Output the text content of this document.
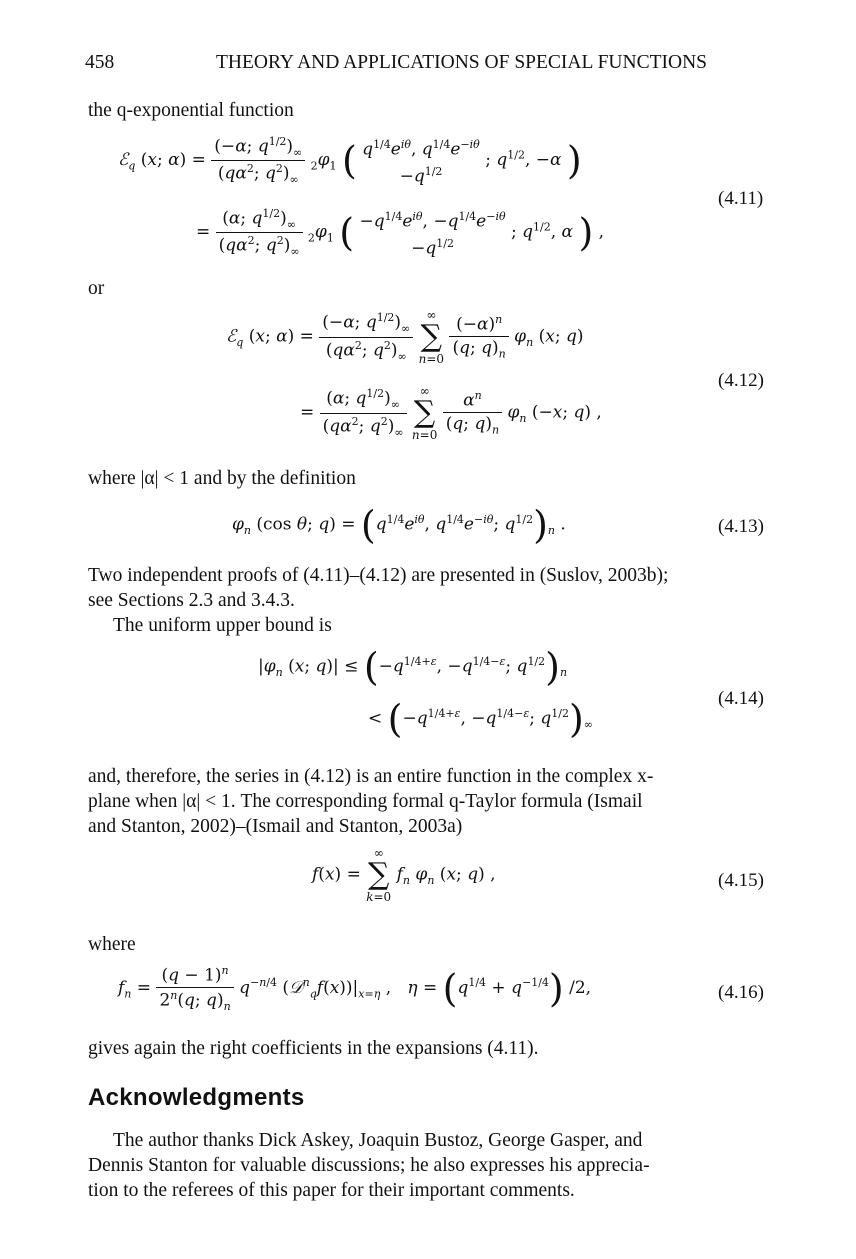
458	THEORY AND APPLICATIONS OF SPECIAL FUNCTIONS
the q-exponential function
ℰ$_q$ (x; $\alpha) = \frac{(-\alpha; q^{1/2})_\infty}{(q\alpha^2; q^2)_\infty} _2\varphi_1$ ( $q^{1/4}e^{i\theta}$, $q^{1/4}e^{-i\theta}$
$-q^{1/2}$
; $q^{1/2}$, −α )
= $\frac{(\alpha; q^{1/2})_\infty}{(q\alpha^2; q^2)_\infty} _2\varphi_1$ ( $-q^{1/4}e^{i\theta}$, $-q^{1/4}e^{-i\theta}$
$-q^{1/2}$
; $q^{1/2}$, α ) ,
(4.11)
or
ℰ$_q$ (x; $\alpha) = \frac{(-\alpha; q^{1/2})_\infty}{(q\alpha^2; q^2)_\infty}$
	∞
∑
n=0
$\frac{(-\alpha)^n}{(q; q)_n} \varphi_n$ (x; q)
= $\frac{(\alpha; q^{1/2})_\infty}{(q\alpha^2; q^2)_\infty}$
	∞
∑
n=0
$\frac{\alpha^n}{(q; q)_n} \varphi_n$ (−x; q) ,
(4.12)
where |α| < 1 and by the definition
$\varphi_n$ (cos θ; $q) = (q^{1/4}e^{i\theta}$, $q^{1/4}e^{-i\theta}$; $q^{1/2})_n$ .	(4.13)
Two independent proofs of (4.11)–(4.12) are presented in (Suslov, 2003b);
see Sections 2.3 and 3.4.3.
The uniform upper bound is
$|\varphi_n$ (x; $q)| \le (-q^{1/4+\varepsilon}$, $-q^{1/4-\varepsilon}$; $q^{1/2})_n$
< ($-q^{1/4+\varepsilon}$, $-q^{1/4-\varepsilon}$; $q^{1/2})_\infty$
(4.14)
and, therefore, the series in (4.12) is an entire function in the complex x-
plane when |α| < 1. The corresponding formal q-Taylor formula (Ismail
and Stanton, 2002)–(Ismail and Stanton, 2003a)
f(x) =
∞
∑
k=0
$f_n$ $\varphi_n$ (x; q) ,	(4.15)
where
$f_n = \frac{(q - 1)^n}{2^n(q; q)_n} q^{-n/4}$ $(𝒟^n_qf(x))|_{x=\eta}$ ,   $\eta = (q^{1/4} + q^{-1/4})$ /2,	(4.16)
gives again the right coefficients in the expansions (4.11).
Acknowledgments
The author thanks Dick Askey, Joaquin Bustoz, George Gasper, and
Dennis Stanton for valuable discussions; he also expresses his apprecia-
tion to the referees of this paper for their important comments.
